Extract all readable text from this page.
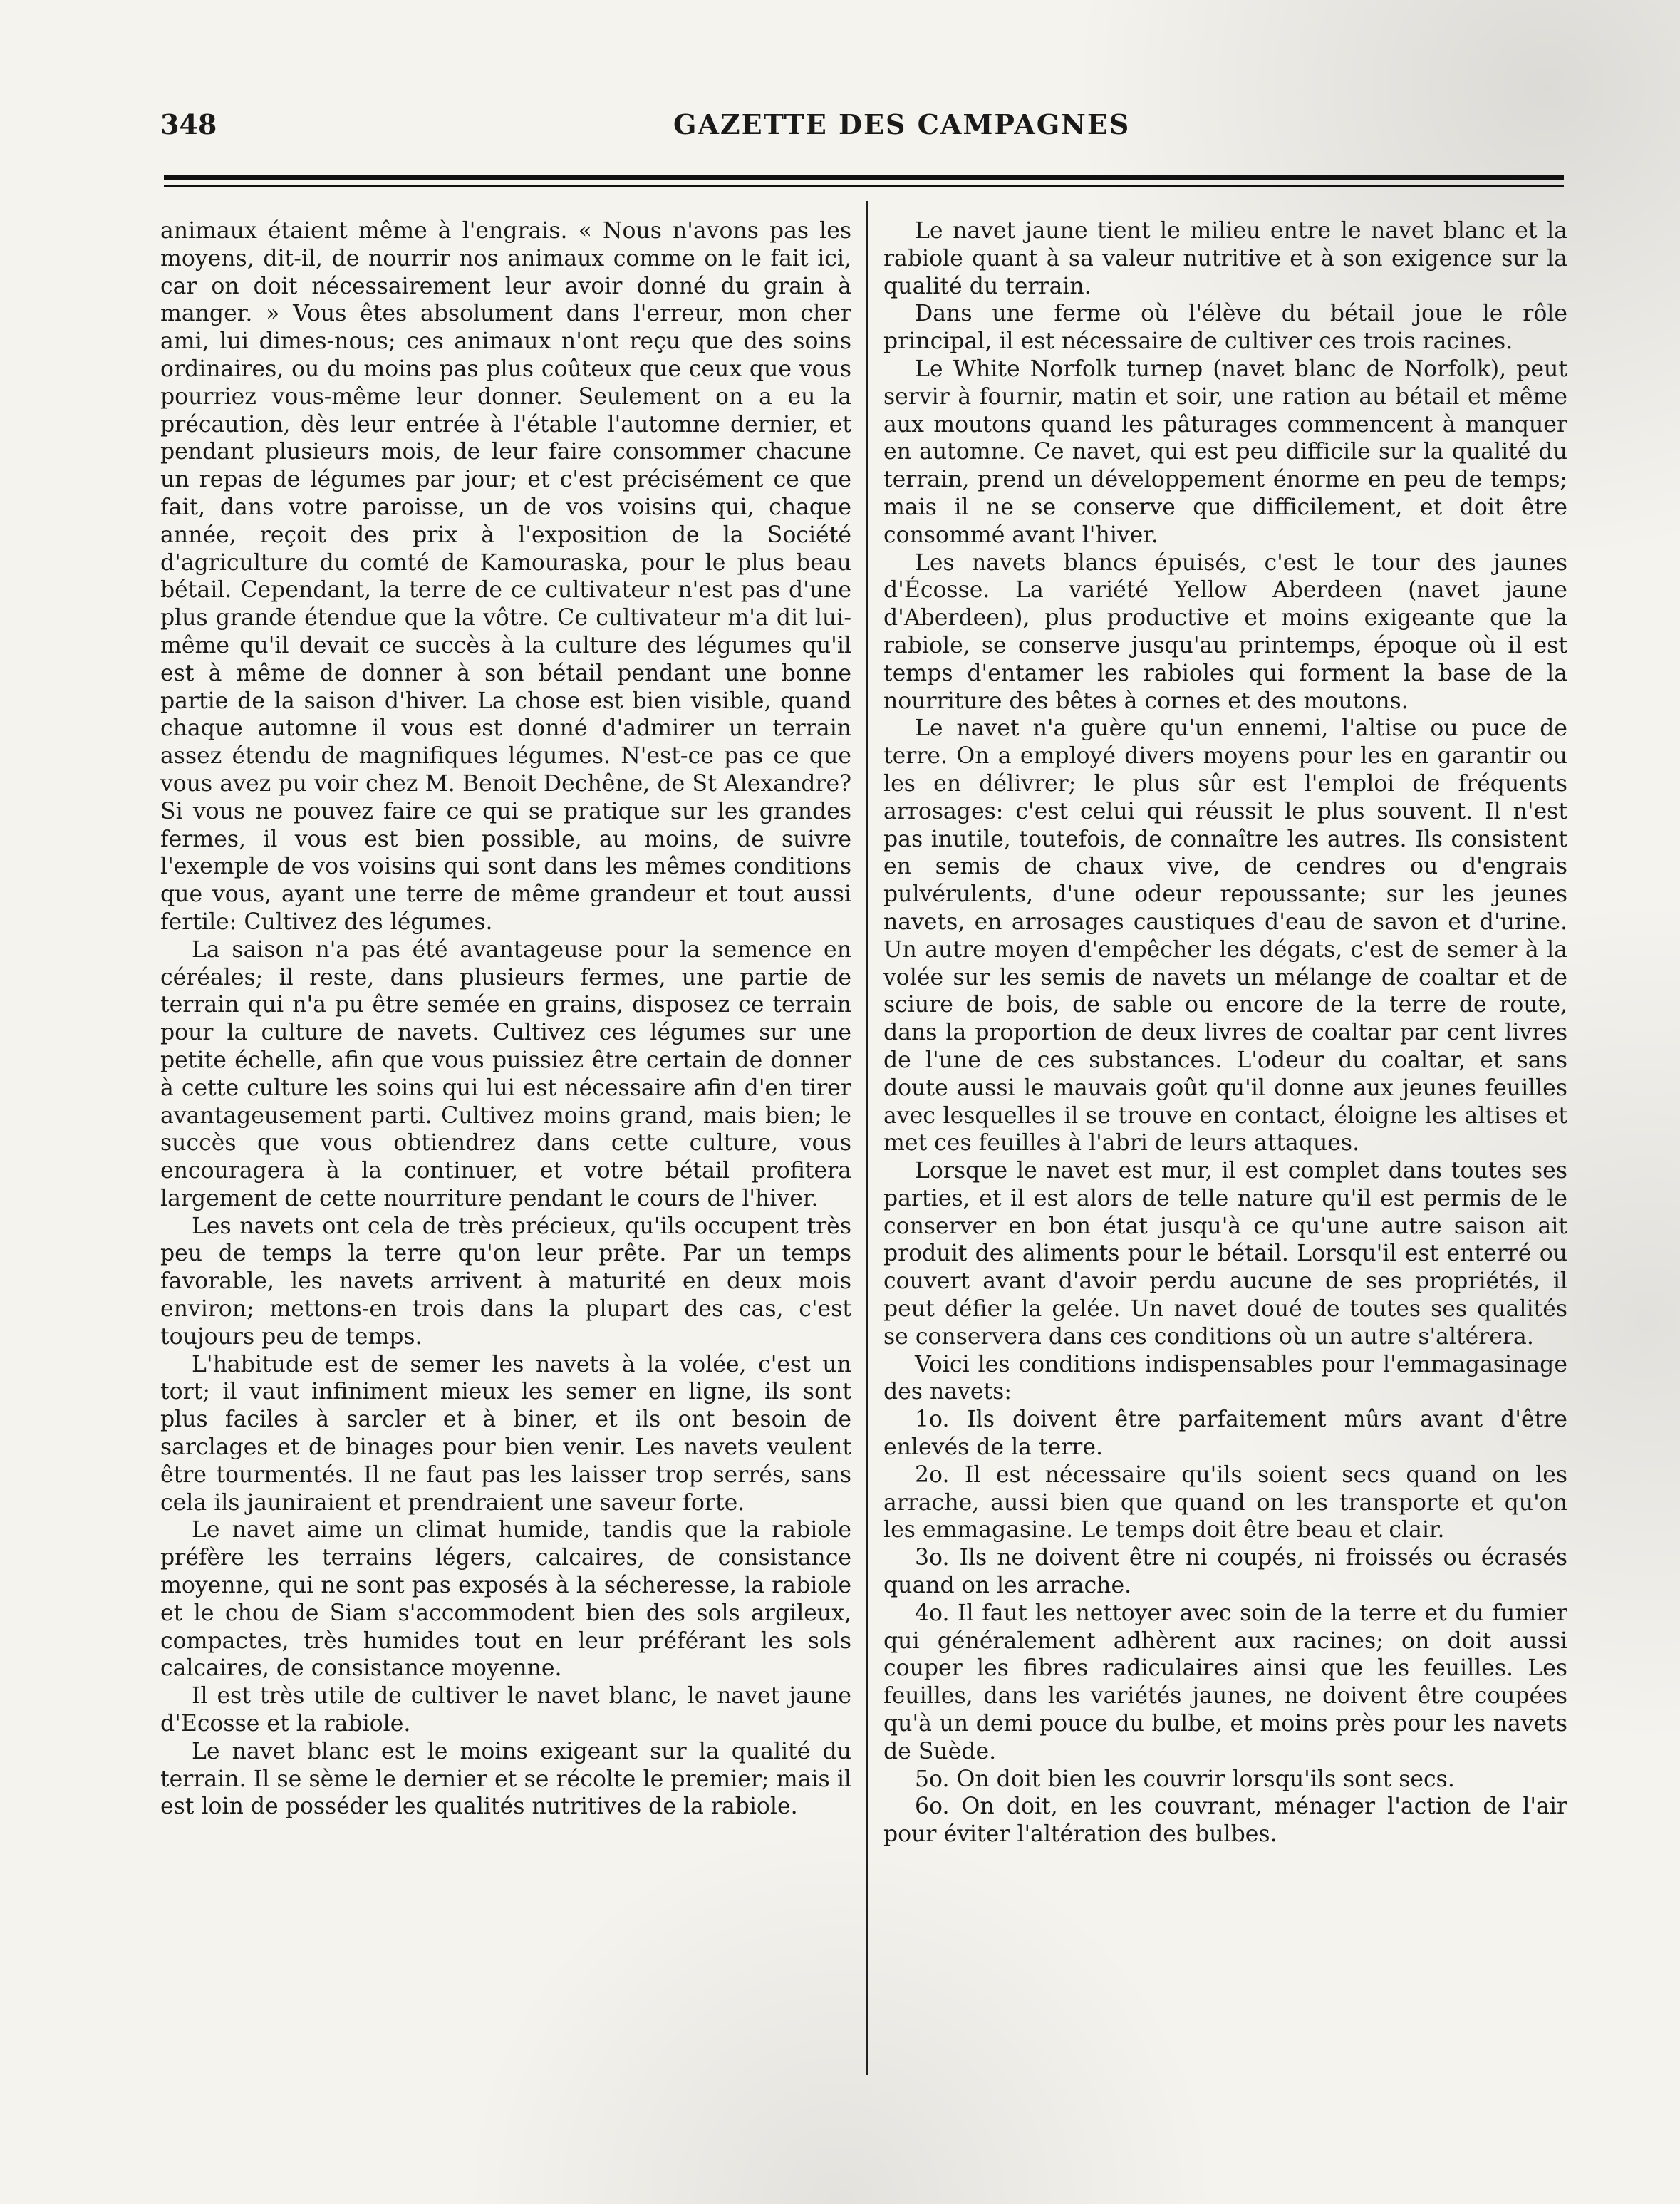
348	GAZETTE DES CAMPAGNES

animaux étaient même à l'engrais. « Nous n'avons pas les moyens, dit-il, de nourrir nos animaux comme on le fait ici, car on doit nécessairement leur avoir donné du grain à manger. » Vous êtes absolument dans l'erreur, mon cher ami, lui dimes-nous; ces animaux n'ont reçu que des soins ordinaires, ou du moins pas plus coûteux que ceux que vous pourriez vous-même leur donner. Seulement on a eu la précaution, dès leur entrée à l'étable l'automne dernier, et pendant plusieurs mois, de leur faire consommer chacune un repas de légumes par jour; et c'est précisément ce que fait, dans votre paroisse, un de vos voisins qui, chaque année, reçoit des prix à l'exposition de la Société d'agriculture du comté de Kamouraska, pour le plus beau bétail. Cependant, la terre de ce cultivateur n'est pas d'une plus grande étendue que la vôtre. Ce cultivateur m'a dit lui-même qu'il devait ce succès à la culture des légumes qu'il est à même de donner à son bétail pendant une bonne partie de la saison d'hiver. La chose est bien visible, quand chaque automne il vous est donné d'admirer un terrain assez étendu de magnifiques légumes. N'est-ce pas ce que vous avez pu voir chez M. Benoit Dechêne, de St Alexandre? Si vous ne pouvez faire ce qui se pratique sur les grandes fermes, il vous est bien possible, au moins, de suivre l'exemple de vos voisins qui sont dans les mêmes conditions que vous, ayant une terre de même grandeur et tout aussi fertile: Cultivez des légumes.

La saison n'a pas été avantageuse pour la semence en céréales; il reste, dans plusieurs fermes, une partie de terrain qui n'a pu être semée en grains, disposez ce terrain pour la culture de navets. Cultivez ces légumes sur une petite échelle, afin que vous puissiez être certain de donner à cette culture les soins qui lui est nécessaire afin d'en tirer avantageusement parti. Cultivez moins grand, mais bien; le succès que vous obtiendrez dans cette culture, vous encouragera à la continuer, et votre bétail profitera largement de cette nourriture pendant le cours de l'hiver.

Les navets ont cela de très précieux, qu'ils occupent très peu de temps la terre qu'on leur prête. Par un temps favorable, les navets arrivent à maturité en deux mois environ; mettons-en trois dans la plupart des cas, c'est toujours peu de temps.

L'habitude est de semer les navets à la volée, c'est un tort; il vaut infiniment mieux les semer en ligne, ils sont plus faciles à sarcler et à biner, et ils ont besoin de sarclages et de binages pour bien venir. Les navets veulent être tourmentés. Il ne faut pas les laisser trop serrés, sans cela ils jauniraient et prendraient une saveur forte.

Le navet aime un climat humide, tandis que la rabiole préfère les terrains légers, calcaires, de consistance moyenne, qui ne sont pas exposés à la sécheresse, la rabiole et le chou de Siam s'accommodent bien des sols argileux, compactes, très humides tout en leur préférant les sols calcaires, de consistance moyenne.

Il est très utile de cultiver le navet blanc, le navet jaune d'Ecosse et la rabiole.

Le navet blanc est le moins exigeant sur la qualité du terrain. Il se sème le dernier et se récolte le premier; mais il est loin de posséder les qualités nutritives de la rabiole.

Le navet jaune tient le milieu entre le navet blanc et la rabiole quant à sa valeur nutritive et à son exigence sur la qualité du terrain.

Dans une ferme où l'élève du bétail joue le rôle principal, il est nécessaire de cultiver ces trois racines.

Le White Norfolk turnep (navet blanc de Norfolk), peut servir à fournir, matin et soir, une ration au bétail et même aux moutons quand les pâturages commencent à manquer en automne. Ce navet, qui est peu difficile sur la qualité du terrain, prend un développement énorme en peu de temps; mais il ne se conserve que difficilement, et doit être consommé avant l'hiver.

Les navets blancs épuisés, c'est le tour des jaunes d'Écosse. La variété Yellow Aberdeen (navet jaune d'Aberdeen), plus productive et moins exigeante que la rabiole, se conserve jusqu'au printemps, époque où il est temps d'entamer les rabioles qui forment la base de la nourriture des bêtes à cornes et des moutons.

Le navet n'a guère qu'un ennemi, l'altise ou puce de terre. On a employé divers moyens pour les en garantir ou les en délivrer; le plus sûr est l'emploi de fréquents arrosages: c'est celui qui réussit le plus souvent. Il n'est pas inutile, toutefois, de connaître les autres. Ils consistent en semis de chaux vive, de cendres ou d'engrais pulvérulents, d'une odeur repoussante; sur les jeunes navets, en arrosages caustiques d'eau de savon et d'urine. Un autre moyen d'empêcher les dégats, c'est de semer à la volée sur les semis de navets un mélange de coaltar et de sciure de bois, de sable ou encore de la terre de route, dans la proportion de deux livres de coaltar par cent livres de l'une de ces substances. L'odeur du coaltar, et sans doute aussi le mauvais goût qu'il donne aux jeunes feuilles avec lesquelles il se trouve en contact, éloigne les altises et met ces feuilles à l'abri de leurs attaques.

Lorsque le navet est mur, il est complet dans toutes ses parties, et il est alors de telle nature qu'il est permis de le conserver en bon état jusqu'à ce qu'une autre saison ait produit des aliments pour le bétail. Lorsqu'il est enterré ou couvert avant d'avoir perdu aucune de ses propriétés, il peut défier la gelée. Un navet doué de toutes ses qualités se conservera dans ces conditions où un autre s'altérera.

Voici les conditions indispensables pour l'emmagasinage des navets:

1o. Ils doivent être parfaitement mûrs avant d'être enlevés de la terre.

2o. Il est nécessaire qu'ils soient secs quand on les arrache, aussi bien que quand on les transporte et qu'on les emmagasine. Le temps doit être beau et clair.

3o. Ils ne doivent être ni coupés, ni froissés ou écrasés quand on les arrache.

4o. Il faut les nettoyer avec soin de la terre et du fumier qui généralement adhèrent aux racines; on doit aussi couper les fibres radiculaires ainsi que les feuilles. Les feuilles, dans les variétés jaunes, ne doivent être coupées qu'à un demi pouce du bulbe, et moins près pour les navets de Suède.

5o. On doit bien les couvrir lorsqu'ils sont secs.

6o. On doit, en les couvrant, ménager l'action de l'air pour éviter l'altération des bulbes.
